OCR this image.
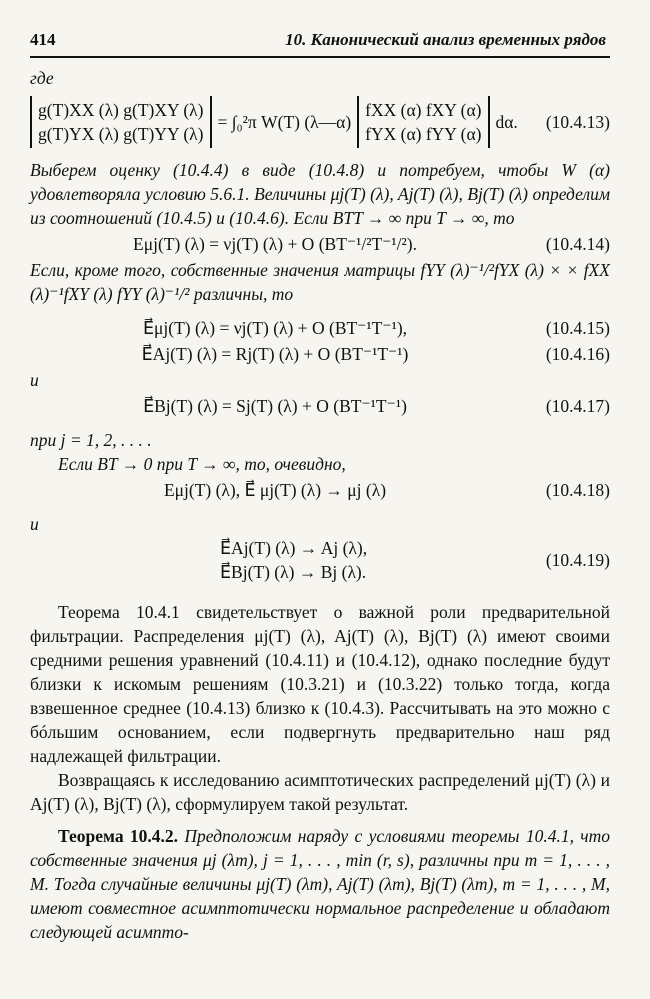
414	10. Канонический анализ временных рядов

где

g(T)XX (λ) g(T)XY (λ)
g(T)YX (λ) g(T)YY (λ)
= ∫₀²π W(T) (λ—α)
fXX (α) fXY (α)
fYX (α) fYY (α)
dα.	(10.4.13)

Выберем оценку (10.4.4) в виде (10.4.8) и потребуем, чтобы W (α) удовлетворяла условию 5.6.1. Величины μj(T) (λ), Aj(T) (λ), Bj(T) (λ) определим из соотношений (10.4.5) и (10.4.6). Если BTT → ∞ при T → ∞, то

Eμj(T) (λ) = νj(T) (λ) + O (BT⁻¹/²T⁻¹/²).	(10.4.14)

Если, кроме того, собственные значения матрицы fYY (λ)⁻¹/²fYX (λ) × × fXX (λ)⁻¹fXY (λ) fYY (λ)⁻¹/² различны, то

E⃗μj(T) (λ) = νj(T) (λ) + O (BT⁻¹T⁻¹),	(10.4.15)
E⃗Aj(T) (λ) = Rj(T) (λ) + O (BT⁻¹T⁻¹)	(10.4.16)

и

E⃗Bj(T) (λ) = Sj(T) (λ) + O (BT⁻¹T⁻¹)	(10.4.17)

при j = 1, 2, . . . .

Если BT → 0 при T → ∞, то, очевидно,

Eμj(T) (λ), E⃗ μj(T) (λ) → μj (λ)	(10.4.18)

и

E⃗Aj(T) (λ) → Aj (λ),
E⃗Bj(T) (λ) → Bj (λ).
(10.4.19)

Теорема 10.4.1 свидетельствует о важной роли предварительной фильтрации. Распределения μj(T) (λ), Aj(T) (λ), Bj(T) (λ) имеют своими средними решения уравнений (10.4.11) и (10.4.12), однако последние будут близки к искомым решениям (10.3.21) и (10.3.22) только тогда, когда взвешенное среднее (10.4.13) близко к (10.4.3). Рассчитывать на это можно с бóльшим основанием, если подвергнуть предварительно наш ряд надлежащей фильтрации.

Возвращаясь к исследованию асимптотических распределений μj(T) (λ) и Aj(T) (λ), Bj(T) (λ), сформулируем такой результат.

Теорема 10.4.2. Предположим наряду с условиями теоремы 10.4.1, что собственные значения μj (λm), j = 1, . . . , min (r, s), различны при m = 1, . . . , M. Тогда случайные величины μj(T) (λm), Aj(T) (λm), Bj(T) (λm), m = 1, . . . , M, имеют совместное асимптотически нормальное распределение и обладают следующей асимпто-
